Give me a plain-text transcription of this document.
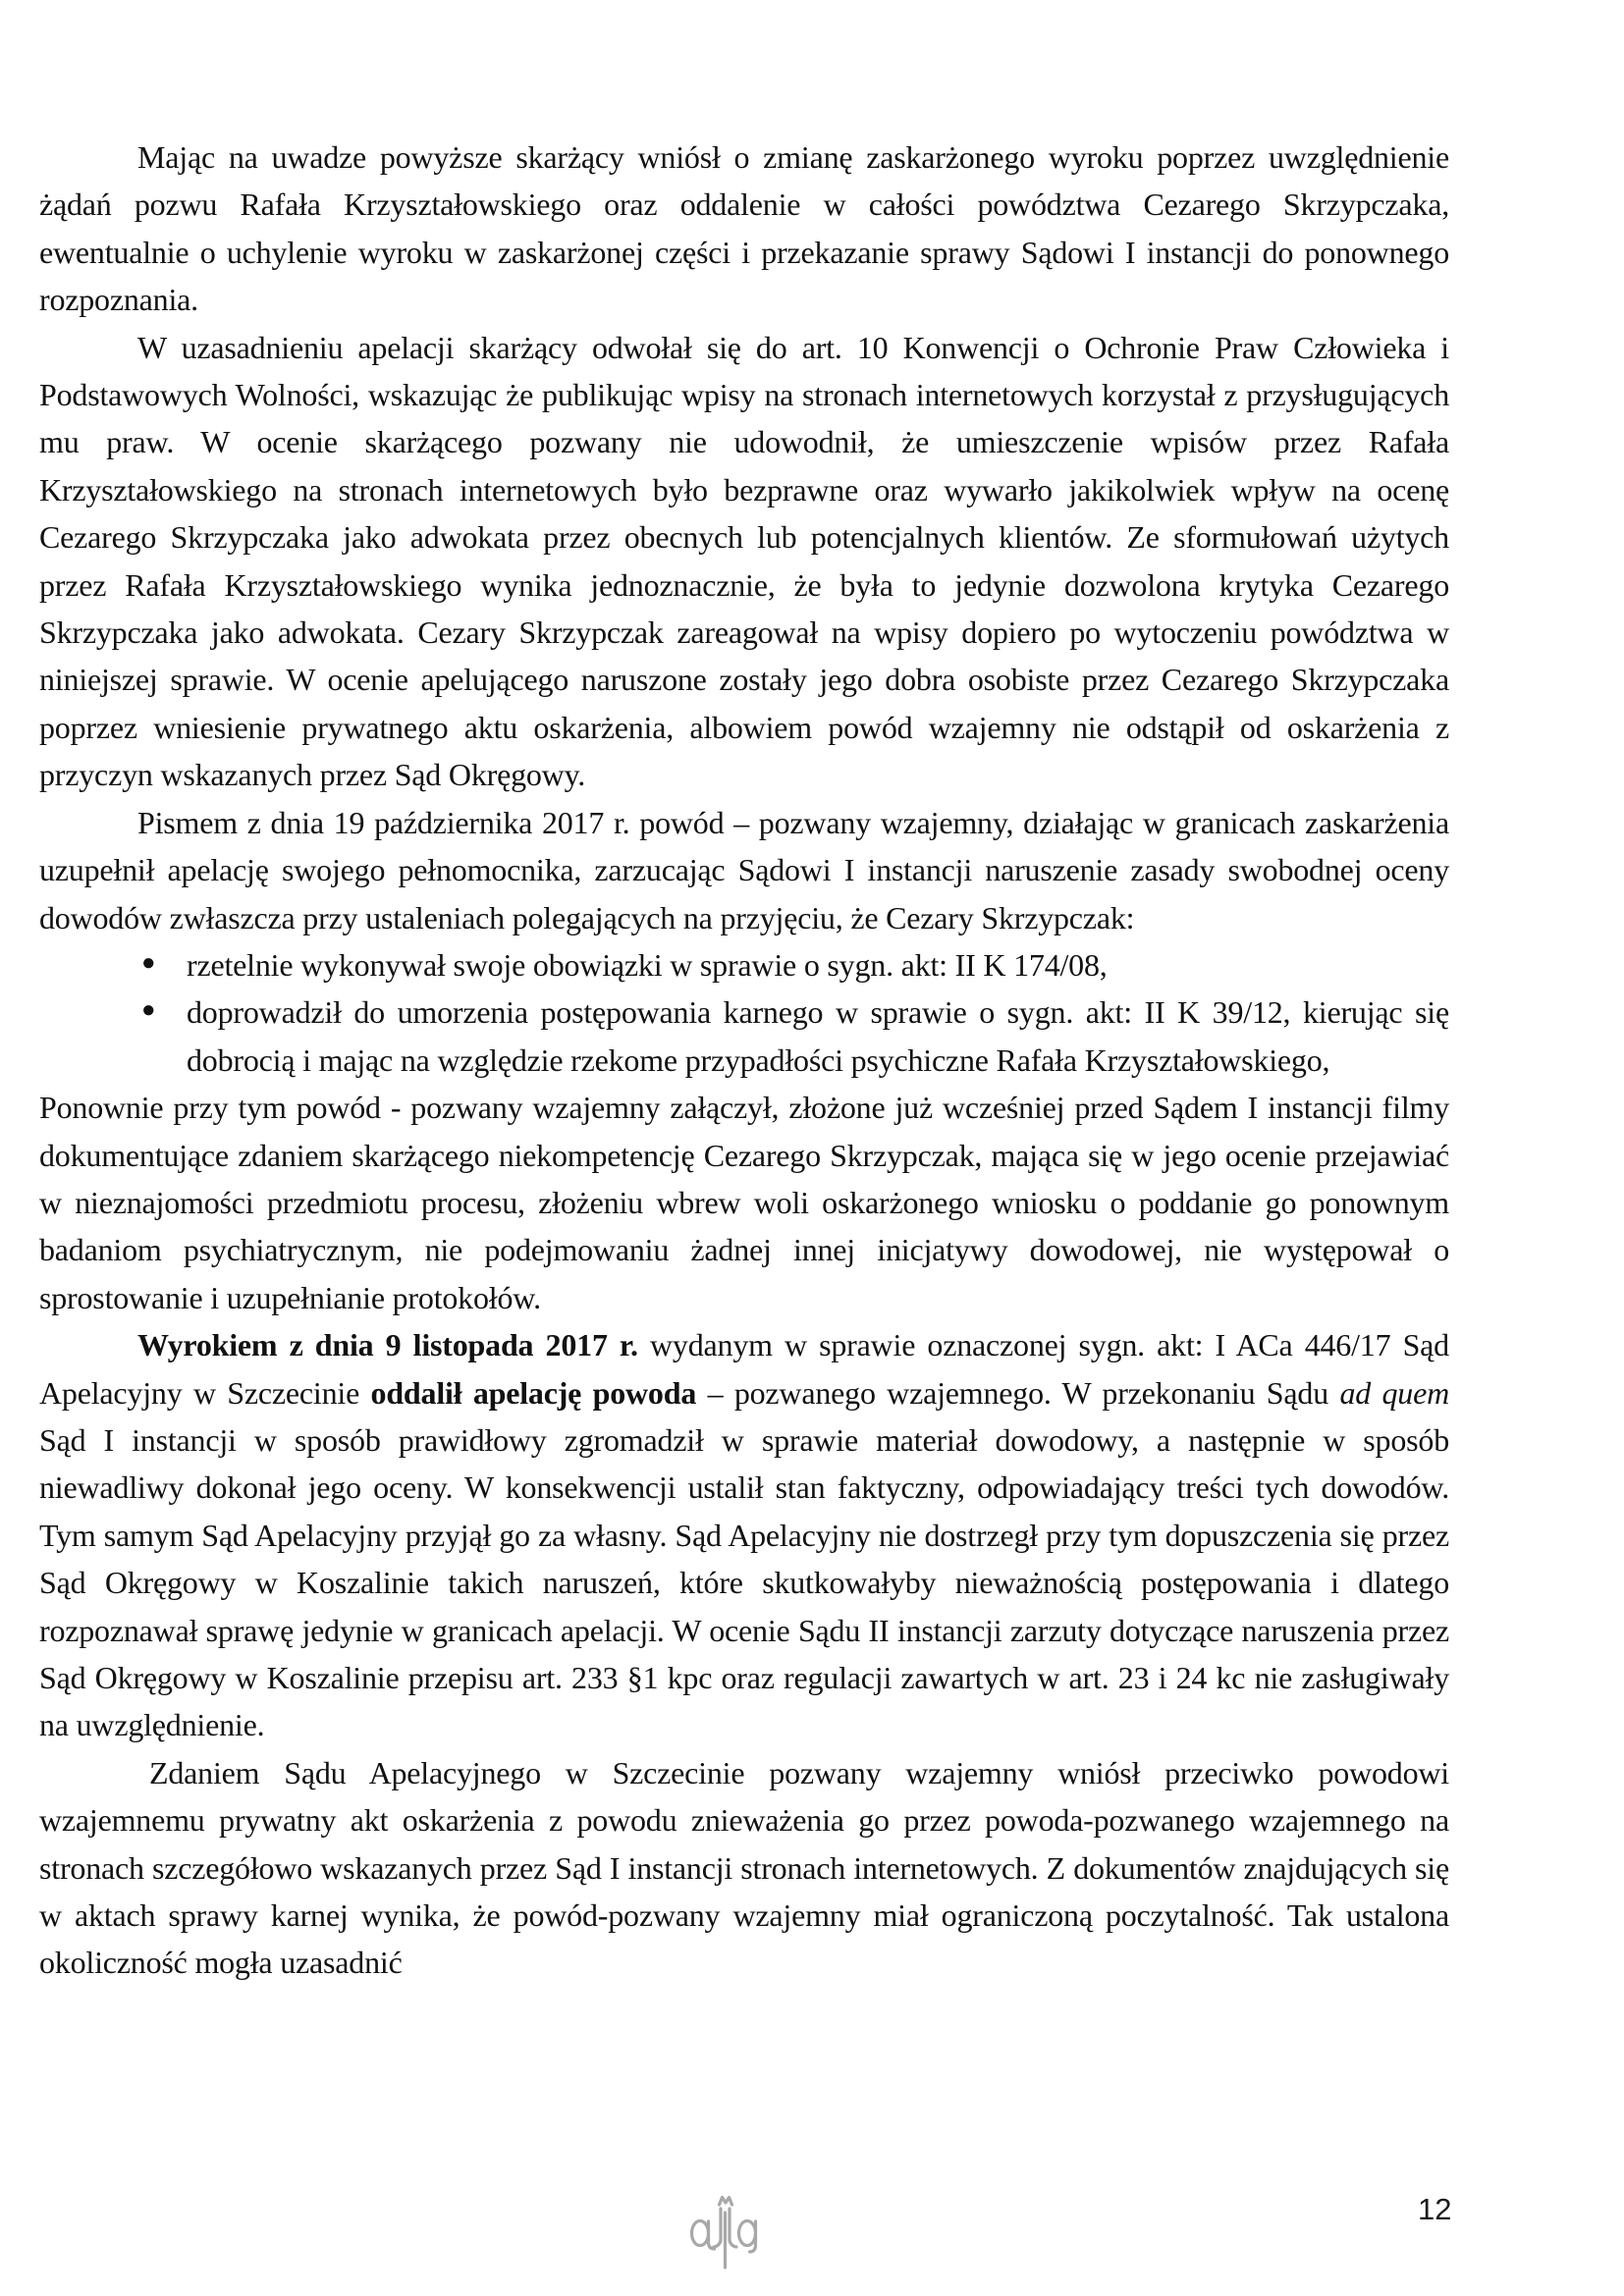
Mając na uwadze powyższe skarżący wniósł o zmianę zaskarżonego wyroku poprzez uwzględnienie żądań pozwu Rafała Krzyształowskiego oraz oddalenie w całości powództwa Cezarego Skrzypczaka, ewentualnie o uchylenie wyroku w zaskarżonej części i przekazanie sprawy Sądowi I instancji do ponownego rozpoznania.

W uzasadnieniu apelacji skarżący odwołał się do art. 10 Konwencji o Ochronie Praw Człowieka i Podstawowych Wolności, wskazując że publikując wpisy na stronach internetowych korzystał z przysługujących mu praw. W ocenie skarżącego pozwany nie udowodnił, że umieszczenie wpisów przez Rafała Krzyształowskiego na stronach internetowych było bezprawne oraz wywarło jakikolwiek wpływ na ocenę Cezarego Skrzypczaka jako adwokata przez obecnych lub potencjalnych klientów. Ze sformułowań użytych przez Rafała Krzyształowskiego wynika jednoznacznie, że była to jedynie dozwolona krytyka Cezarego Skrzypczaka jako adwokata. Cezary Skrzypczak zareagował na wpisy dopiero po wytoczeniu powództwa w niniejszej sprawie. W ocenie apelującego naruszone zostały jego dobra osobiste przez Cezarego Skrzypczaka poprzez wniesienie prywatnego aktu oskarżenia, albowiem powód wzajemny nie odstąpił od oskarżenia z przyczyn wskazanych przez Sąd Okręgowy.

Pismem z dnia 19 października 2017 r. powód – pozwany wzajemny, działając w granicach zaskarżenia uzupełnił apelację swojego pełnomocnika, zarzucając Sądowi I instancji naruszenie zasady swobodnej oceny dowodów zwłaszcza przy ustaleniach polegających na przyjęciu, że Cezary Skrzypczak:

● rzetelnie wykonywał swoje obowiązki w sprawie o sygn. akt: II K 174/08,
● doprowadził do umorzenia postępowania karnego w sprawie o sygn. akt: II K 39/12, kierując się dobrocią i mając na względzie rzekome przypadłości psychiczne Rafała Krzyształowskiego,

Ponownie przy tym powód - pozwany wzajemny załączył, złożone już wcześniej przed Sądem I instancji filmy dokumentujące zdaniem skarżącego niekompetencję Cezarego Skrzypczak, mająca się w jego ocenie przejawiać w nieznajomości przedmiotu procesu, złożeniu wbrew woli oskarżonego wniosku o poddanie go ponownym badaniom psychiatrycznym, nie podejmowaniu żadnej innej inicjatywy dowodowej, nie występował o sprostowanie i uzupełnianie protokołów.

Wyrokiem z dnia 9 listopada 2017 r. wydanym w sprawie oznaczonej sygn. akt: I ACa 446/17 Sąd Apelacyjny w Szczecinie oddalił apelację powoda – pozwanego wzajemnego. W przekonaniu Sądu ad quem Sąd I instancji w sposób prawidłowy zgromadził w sprawie materiał dowodowy, a następnie w sposób niewadliwy dokonał jego oceny. W konsekwencji ustalił stan faktyczny, odpowiadający treści tych dowodów. Tym samym Sąd Apelacyjny przyjął go za własny. Sąd Apelacyjny nie dostrzegł przy tym dopuszczenia się przez Sąd Okręgowy w Koszalinie takich naruszeń, które skutkowałyby nieważnością postępowania i dlatego rozpoznawał sprawę jedynie w granicach apelacji. W ocenie Sądu II instancji zarzuty dotyczące naruszenia przez Sąd Okręgowy w Koszalinie przepisu art. 233 §1 kpc oraz regulacji zawartych w art. 23 i 24 kc nie zasługiwały na uwzględnienie.

Zdaniem Sądu Apelacyjnego w Szczecinie pozwany wzajemny wniósł przeciwko powodowi wzajemnemu prywatny akt oskarżenia z powodu znieważenia go przez powoda-pozwanego wzajemnego na stronach szczegółowo wskazanych przez Sąd I instancji stronach internetowych. Z dokumentów znajdujących się w aktach sprawy karnej wynika, że powód-pozwany wzajemny miał ograniczoną poczytalność. Tak ustalona okoliczność mogła uzasadnić

12
